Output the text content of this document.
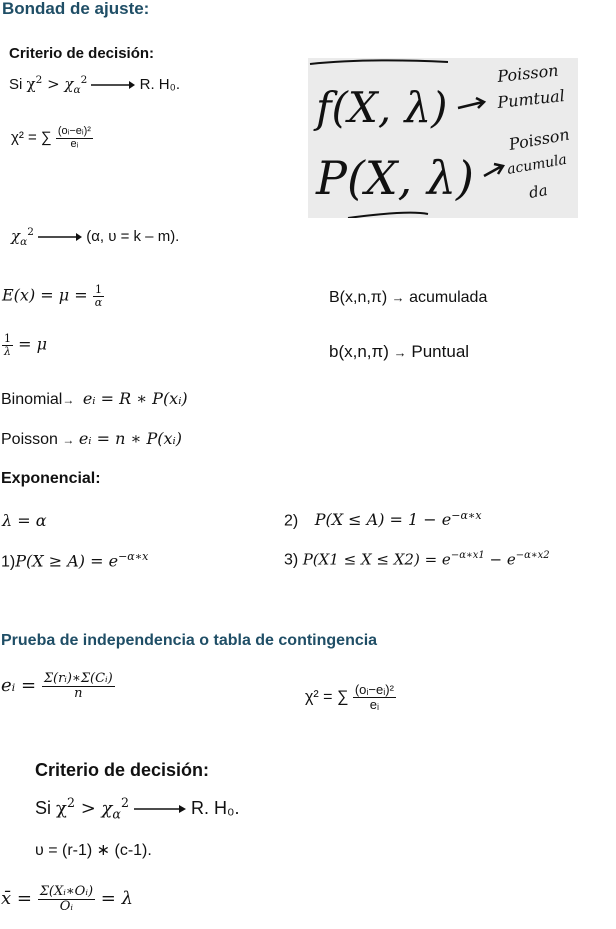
Bondad de ajuste:
Criterio de decisión:
Si $\chi^2 > \chi_\alpha^2$	R. H₀.
χ² = ∑ $\frac{\text{(oᵢ−eᵢ)²}}{\text{eᵢ}}$
$\chi_\alpha^2$	(α, υ = k – m).
f(X, λ)
Poisson
Pumtual
P(X, λ)
Poisson
acumula
da
$E(x) = \mu = \frac{1}{\alpha}$	B(x,n,π) → acumulada
$\frac{1}{\lambda} = \mu$	b(x,n,π) → Puntual
Binomial→ eᵢ = R ∗ P(xᵢ)
Poisson → eᵢ = n ∗ P(xᵢ)
Exponencial:
λ = α	2) $P(X \le A) = 1 - e^{-\alpha∗x}$
$1)P(X \ge A) = e^{-\alpha∗x}$	3) $P(X1 \le X \le X2) = e^{-\alpha∗x1} - e^{-\alpha∗x2}$
Prueba de independencia o tabla de contingencia
eᵢ = $\frac{\text{Σ(rᵢ)∗Σ(Cᵢ)}}{n}$	χ² = ∑ $\frac{\text{(oᵢ−eᵢ)²}}{\text{eᵢ}}$
Criterio de decisión:
Si $\chi^2 > \chi_\alpha^2$	R. H₀.
υ = (r-1) ∗ (c-1).
x̄ = $\frac{\text{Σ(Xᵢ∗Oᵢ)}}{\text{Oᵢ}} = \lambda$
